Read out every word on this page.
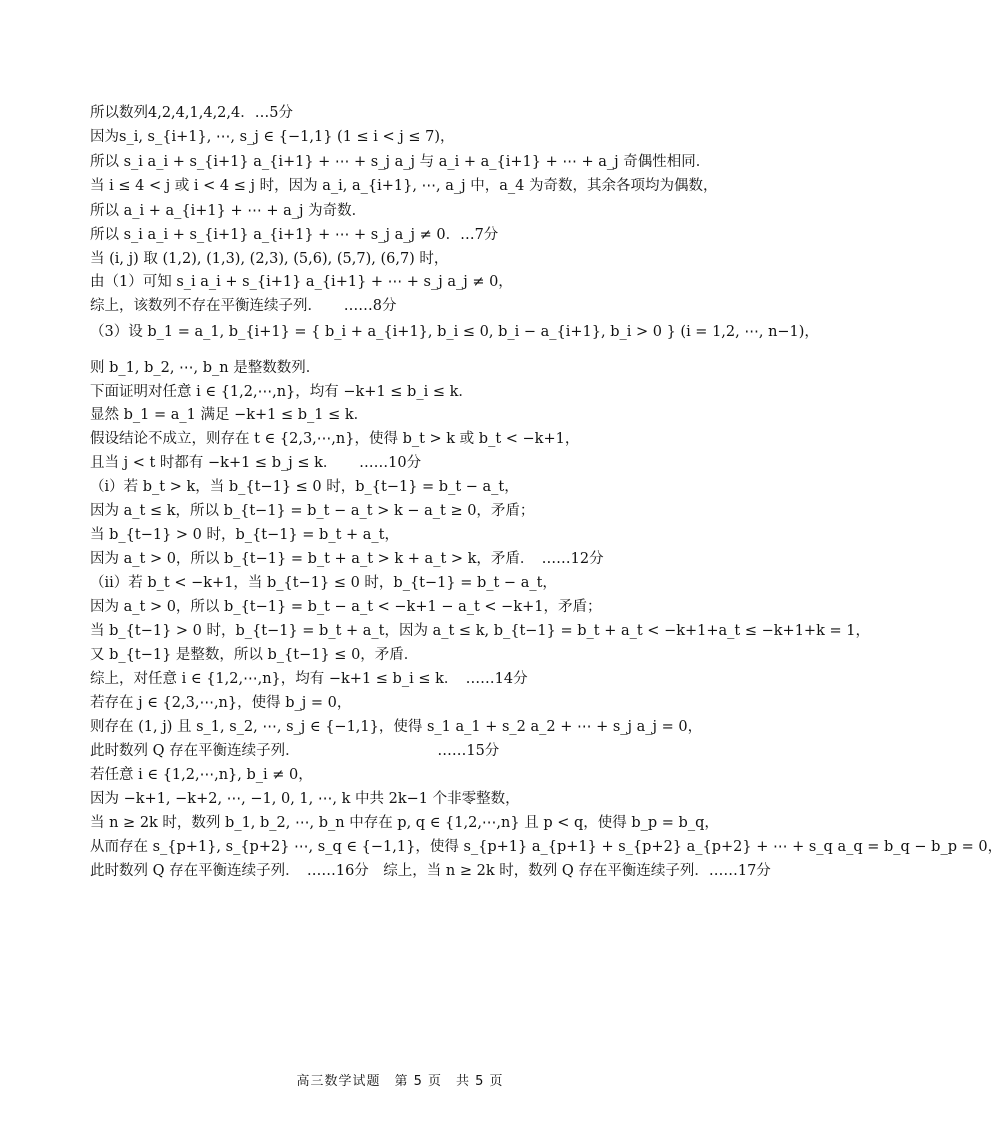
所以数列4,2,4,1,4,2,4．…5分
因为s_i, s_{i+1}, ⋯, s_j ∈ {−1,1} (1 ≤ i < j ≤ 7)，
所以 s_i a_i + s_{i+1} a_{i+1} + ⋯ + s_j a_j 与 a_i + a_{i+1} + ⋯ + a_j 奇偶性相同．
当 i ≤ 4 < j 或 i < 4 ≤ j 时，因为 a_i, a_{i+1}, ⋯, a_j 中，a_4 为奇数，其余各项均为偶数，
所以 a_i + a_{i+1} + ⋯ + a_j 为奇数．
所以 s_i a_i + s_{i+1} a_{i+1} + ⋯ + s_j a_j ≠ 0．…7分
当 (i, j) 取 (1,2), (1,3), (2,3), (5,6), (5,7), (6,7) 时，
由（1）可知 s_i a_i + s_{i+1} a_{i+1} + ⋯ + s_j a_j ≠ 0，
综上，该数列不存在平衡连续子列．　　……8分
（3）设 b_1 = a_1, b_{i+1} = { b_i + a_{i+1}, b_i ≤ 0, b_i − a_{i+1}, b_i > 0 } (i = 1,2, ⋯, n−1)，
则 b_1, b_2, ⋯, b_n 是整数数列．
下面证明对任意 i ∈ {1,2,⋯,n}，均有 −k+1 ≤ b_i ≤ k．
显然 b_1 = a_1 满足 −k+1 ≤ b_1 ≤ k．
假设结论不成立，则存在 t ∈ {2,3,⋯,n}，使得 b_t > k 或 b_t < −k+1，
且当 j < t 时都有 −k+1 ≤ b_j ≤ k．　　……10分
（i）若 b_t > k，当 b_{t−1} ≤ 0 时，b_{t−1} = b_t − a_t，
因为 a_t ≤ k，所以 b_{t−1} = b_t − a_t > k − a_t ≥ 0，矛盾；
当 b_{t−1} > 0 时，b_{t−1} = b_t + a_t，
因为 a_t > 0，所以 b_{t−1} = b_t + a_t > k + a_t > k，矛盾．　……12分
（ii）若 b_t < −k+1，当 b_{t−1} ≤ 0 时，b_{t−1} = b_t − a_t，
因为 a_t > 0，所以 b_{t−1} = b_t − a_t < −k+1 − a_t < −k+1，矛盾；
当 b_{t−1} > 0 时，b_{t−1} = b_t + a_t，因为 a_t ≤ k, b_{t−1} = b_t + a_t < −k+1+a_t ≤ −k+1+k = 1，
又 b_{t−1} 是整数，所以 b_{t−1} ≤ 0，矛盾．
综上，对任意 i ∈ {1,2,⋯,n}，均有 −k+1 ≤ b_i ≤ k．　……14分
若存在 j ∈ {2,3,⋯,n}，使得 b_j = 0，
则存在 (1, j) 且 s_1, s_2, ⋯, s_j ∈ {−1,1}，使得 s_1 a_1 + s_2 a_2 + ⋯ + s_j a_j = 0，
此时数列 Q 存在平衡连续子列．　　　　　　　　　　……15分
若任意 i ∈ {1,2,⋯,n}, b_i ≠ 0，
因为 −k+1, −k+2, ⋯, −1, 0, 1, ⋯, k 中共 2k−1 个非零整数，
当 n ≥ 2k 时，数列 b_1, b_2, ⋯, b_n 中存在 p, q ∈ {1,2,⋯,n} 且 p < q，使得 b_p = b_q，
从而存在 s_{p+1}, s_{p+2} ⋯, s_q ∈ {−1,1}，使得 s_{p+1} a_{p+1} + s_{p+2} a_{p+2} + ⋯ + s_q a_q = b_q − b_p = 0，
此时数列 Q 存在平衡连续子列．　……16分　综上，当 n ≥ 2k 时，数列 Q 存在平衡连续子列．……17分
高三数学试题　第 5 页　共 5 页
